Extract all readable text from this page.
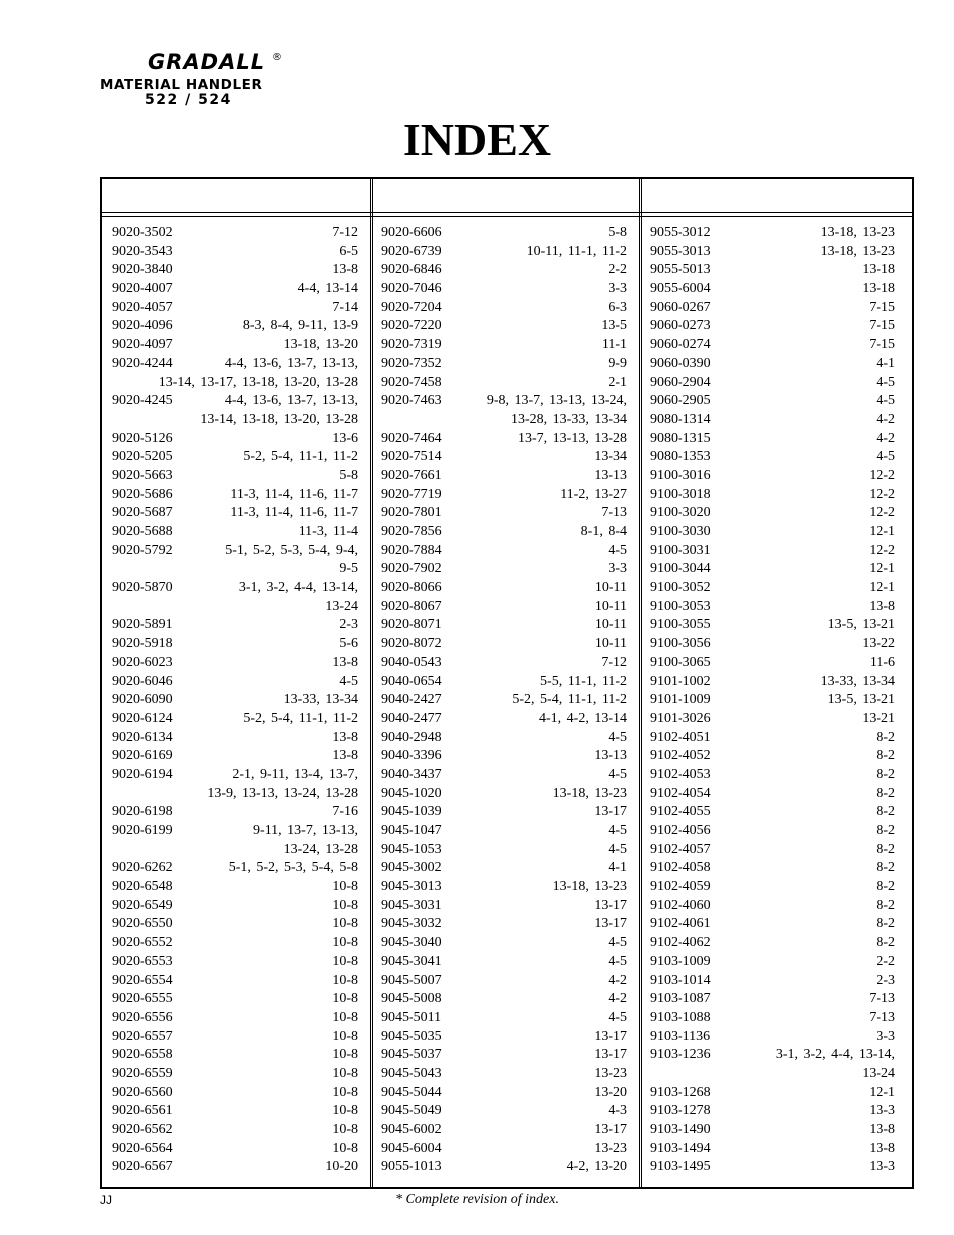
GRADALL ®
MATERIAL HANDLER
522 / 524
INDEX
9020-3502	7-12
9020-3543	6-5
9020-3840	13-8
9020-4007	4-4, 13-14
9020-4057	7-14
9020-4096	8-3, 8-4, 9-11, 13-9
9020-4097	13-18, 13-20
9020-4244	4-4, 13-6, 13-7, 13-13,
13-14, 13-17, 13-18, 13-20, 13-28
9020-4245	4-4, 13-6, 13-7, 13-13,
13-14, 13-18, 13-20, 13-28
9020-5126	13-6
9020-5205	5-2, 5-4, 11-1, 11-2
9020-5663	5-8
9020-5686	11-3, 11-4, 11-6, 11-7
9020-5687	11-3, 11-4, 11-6, 11-7
9020-5688	11-3, 11-4
9020-5792	5-1, 5-2, 5-3, 5-4, 9-4,
9-5
9020-5870	3-1, 3-2, 4-4, 13-14,
13-24
9020-5891	2-3
9020-5918	5-6
9020-6023	13-8
9020-6046	4-5
9020-6090	13-33, 13-34
9020-6124	5-2, 5-4, 11-1, 11-2
9020-6134	13-8
9020-6169	13-8
9020-6194	2-1, 9-11, 13-4, 13-7,
13-9, 13-13, 13-24, 13-28
9020-6198	7-16
9020-6199	9-11, 13-7, 13-13,
13-24, 13-28
9020-6262	5-1, 5-2, 5-3, 5-4, 5-8
9020-6548	10-8
9020-6549	10-8
9020-6550	10-8
9020-6552	10-8
9020-6553	10-8
9020-6554	10-8
9020-6555	10-8
9020-6556	10-8
9020-6557	10-8
9020-6558	10-8
9020-6559	10-8
9020-6560	10-8
9020-6561	10-8
9020-6562	10-8
9020-6564	10-8
9020-6567	10-20
9020-6606	5-8
9020-6739	10-11, 11-1, 11-2
9020-6846	2-2
9020-7046	3-3
9020-7204	6-3
9020-7220	13-5
9020-7319	11-1
9020-7352	9-9
9020-7458	2-1
9020-7463	9-8, 13-7, 13-13, 13-24,
13-28, 13-33, 13-34
9020-7464	13-7, 13-13, 13-28
9020-7514	13-34
9020-7661	13-13
9020-7719	11-2, 13-27
9020-7801	7-13
9020-7856	8-1, 8-4
9020-7884	4-5
9020-7902	3-3
9020-8066	10-11
9020-8067	10-11
9020-8071	10-11
9020-8072	10-11
9040-0543	7-12
9040-0654	5-5, 11-1, 11-2
9040-2427	5-2, 5-4, 11-1, 11-2
9040-2477	4-1, 4-2, 13-14
9040-2948	4-5
9040-3396	13-13
9040-3437	4-5
9045-1020	13-18, 13-23
9045-1039	13-17
9045-1047	4-5
9045-1053	4-5
9045-3002	4-1
9045-3013	13-18, 13-23
9045-3031	13-17
9045-3032	13-17
9045-3040	4-5
9045-3041	4-5
9045-5007	4-2
9045-5008	4-2
9045-5011	4-5
9045-5035	13-17
9045-5037	13-17
9045-5043	13-23
9045-5044	13-20
9045-5049	4-3
9045-6002	13-17
9045-6004	13-23
9055-1013	4-2, 13-20
9055-3012	13-18, 13-23
9055-3013	13-18, 13-23
9055-5013	13-18
9055-6004	13-18
9060-0267	7-15
9060-0273	7-15
9060-0274	7-15
9060-0390	4-1
9060-2904	4-5
9060-2905	4-5
9080-1314	4-2
9080-1315	4-2
9080-1353	4-5
9100-3016	12-2
9100-3018	12-2
9100-3020	12-2
9100-3030	12-1
9100-3031	12-2
9100-3044	12-1
9100-3052	12-1
9100-3053	13-8
9100-3055	13-5, 13-21
9100-3056	13-22
9100-3065	11-6
9101-1002	13-33, 13-34
9101-1009	13-5, 13-21
9101-3026	13-21
9102-4051	8-2
9102-4052	8-2
9102-4053	8-2
9102-4054	8-2
9102-4055	8-2
9102-4056	8-2
9102-4057	8-2
9102-4058	8-2
9102-4059	8-2
9102-4060	8-2
9102-4061	8-2
9102-4062	8-2
9103-1009	2-2
9103-1014	2-3
9103-1087	7-13
9103-1088	7-13
9103-1136	3-3
9103-1236	3-1, 3-2, 4-4, 13-14,
13-24
9103-1268	12-1
9103-1278	13-3
9103-1490	13-8
9103-1494	13-8
9103-1495	13-3
JJ	* Complete revision of index.
